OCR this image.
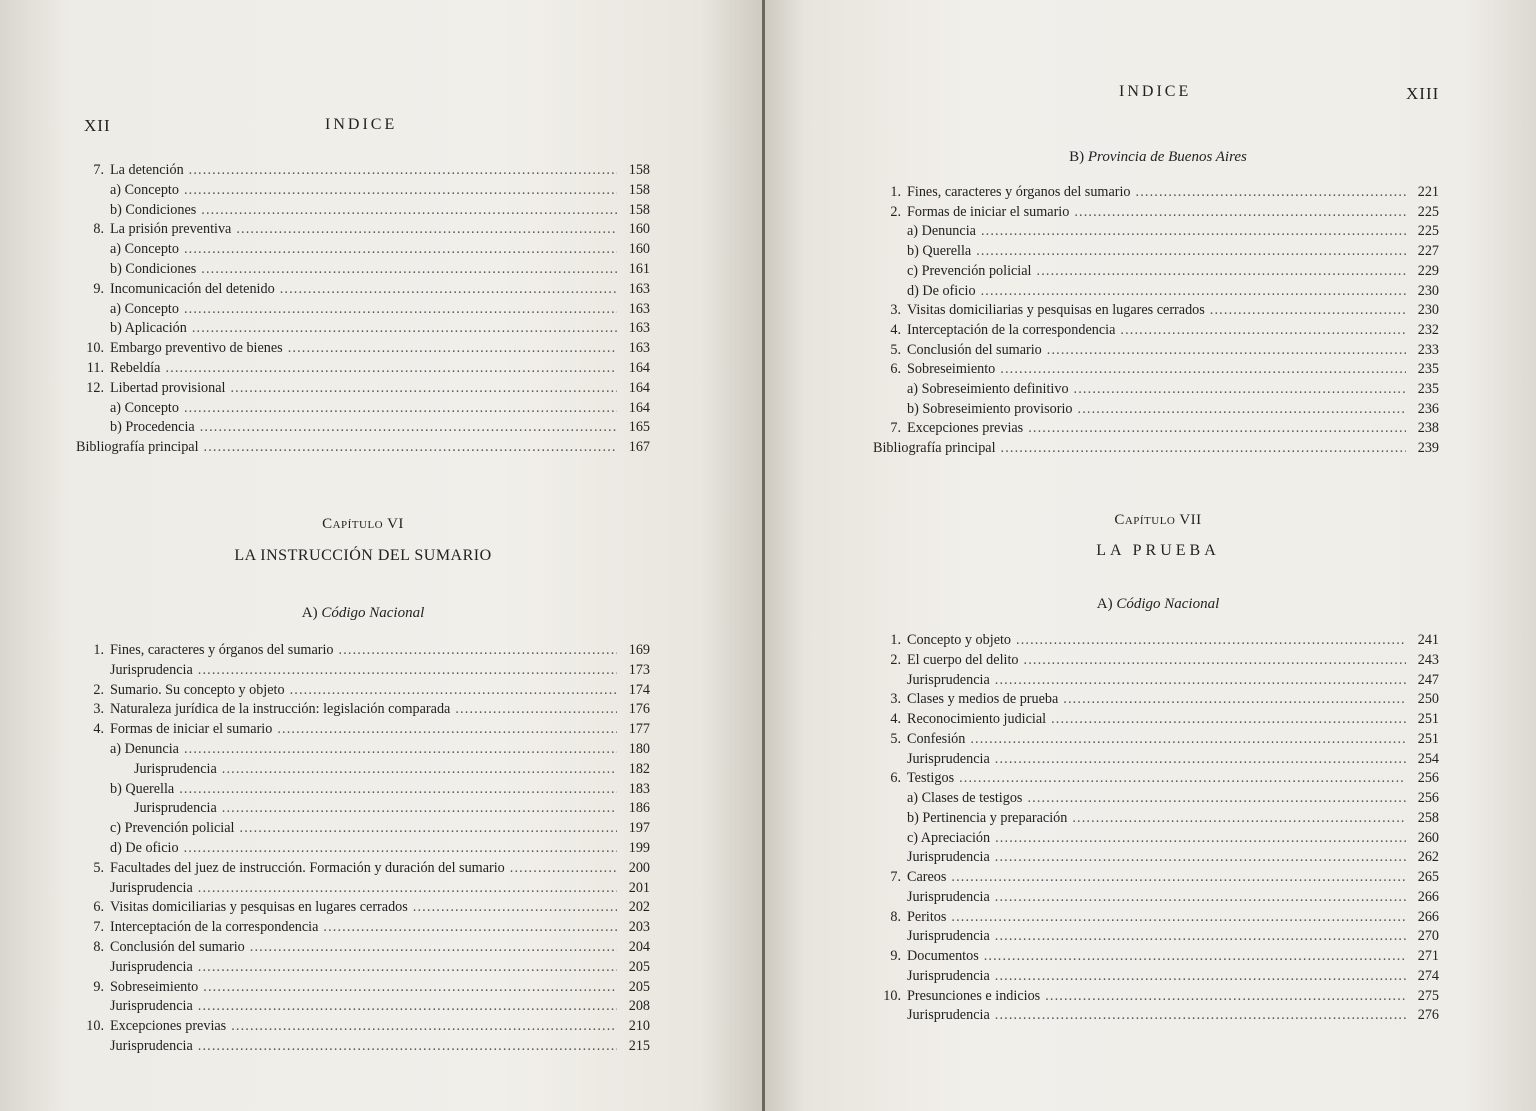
XII	INDICE
7. La detención . . .	158
a) Concepto . . .	158
b) Condiciones . . .	158
8. La prisión preventiva . . .	160
a) Concepto . . .	160
b) Condiciones . . .	161
9. Incomunicación del detenido . . .	163
a) Concepto . . .	163
b) Aplicación . . .	163
10. Embargo preventivo de bienes . . .	163
11. Rebeldía . . .	164
12. Libertad provisional . . .	164
a) Concepto . . .	164
b) Procedencia . . .	165
Bibliografía principal . . .	167
Capítulo VI
LA INSTRUCCIÓN DEL SUMARIO
A) Código Nacional
1. Fines, caracteres y órganos del sumario . . .	169
Jurisprudencia . . .	173
2. Sumario. Su concepto y objeto . . .	174
3. Naturaleza jurídica de la instrucción: legislación comparada . . .	176
4. Formas de iniciar el sumario . . .	177
a) Denuncia . . .	180
Jurisprudencia . . .	182
b) Querella . . .	183
Jurisprudencia . . .	186
c) Prevención policial . . .	197
d) De oficio . . .	199
5. Facultades del juez de instrucción. Formación y duración del sumario . . .	200
Jurisprudencia . . .	201
6. Visitas domiciliarias y pesquisas en lugares cerrados . . .	202
7. Interceptación de la correspondencia . . .	203
8. Conclusión del sumario . . .	204
Jurisprudencia . . .	205
9. Sobreseimiento . . .	205
Jurisprudencia . . .	208
10. Excepciones previas . . .	210
Jurisprudencia . . .	215
INDICE	XIII
B) Provincia de Buenos Aires
1. Fines, caracteres y órganos del sumario . . .	221
2. Formas de iniciar el sumario . . .	225
a) Denuncia . . .	225
b) Querella . . .	227
c) Prevención policial . . .	229
d) De oficio . . .	230
3. Visitas domiciliarias y pesquisas en lugares cerrados . . .	230
4. Interceptación de la correspondencia . . .	232
5. Conclusión del sumario . . .	233
6. Sobreseimiento . . .	235
a) Sobreseimiento definitivo . . .	235
b) Sobreseimiento provisorio . . .	236
7. Excepciones previas . . .	238
Bibliografía principal . . .	239
Capítulo VII
LA PRUEBA
A) Código Nacional
1. Concepto y objeto . . .	241
2. El cuerpo del delito . . .	243
Jurisprudencia . . .	247
3. Clases y medios de prueba . . .	250
4. Reconocimiento judicial . . .	251
5. Confesión . . .	251
Jurisprudencia . . .	254
6. Testigos . . .	256
a) Clases de testigos . . .	256
b) Pertinencia y preparación . . .	258
c) Apreciación . . .	260
Jurisprudencia . . .	262
7. Careos . . .	265
Jurisprudencia . . .	266
8. Peritos . . .	266
Jurisprudencia . . .	270
9. Documentos . . .	271
Jurisprudencia . . .	274
10. Presunciones e indicios . . .	275
Jurisprudencia . . .	276
